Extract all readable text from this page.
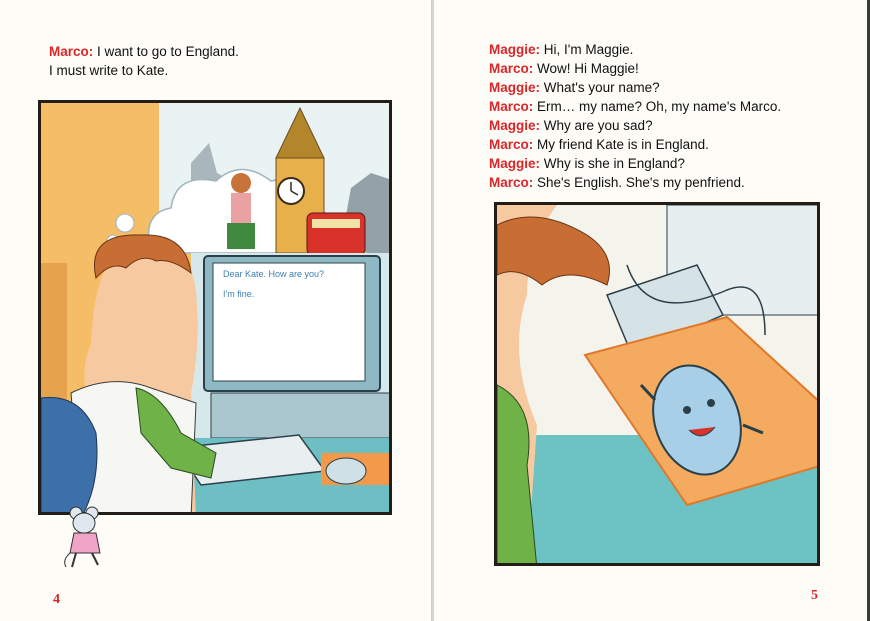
Marco: I want to go to England.
I must write to Kate.
Dear Kate. How are you?
I'm fine.
4
Maggie: Hi, I'm Maggie.
Marco: Wow! Hi Maggie!
Maggie: What's your name?
Marco: Erm… my name? Oh, my name's Marco.
Maggie: Why are you sad?
Marco: My friend Kate is in England.
Maggie: Why is she in England?
Marco: She's English. She's my penfriend.
5
